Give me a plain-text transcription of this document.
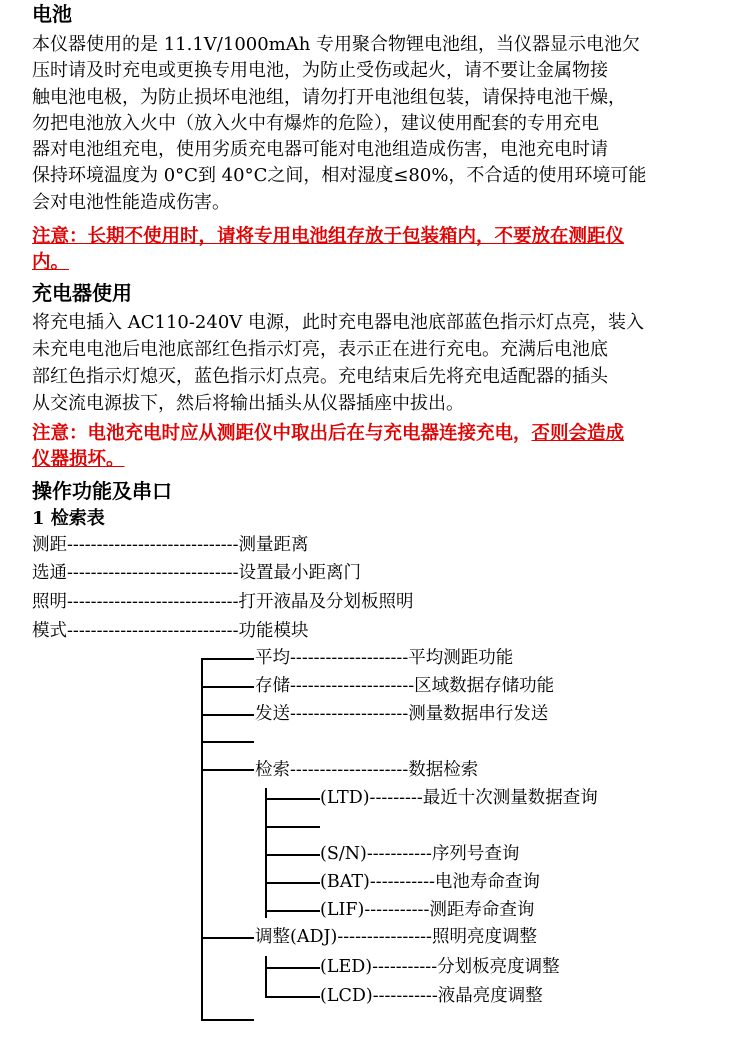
电池
本仪器使用的是 11.1V/1000mAh 专用聚合物锂电池组，当仪器显示电池欠
压时请及时充电或更换专用电池，为防止受伤或起火，请不要让金属物接
触电池电极，为防止损坏电池组，请勿打开电池组包装，请保持电池干燥，
勿把电池放入火中（放入火中有爆炸的危险），建议使用配套的专用充电
器对电池组充电，使用劣质充电器可能对电池组造成伤害，电池充电时请
保持环境温度为 0°C到 40°C之间，相对湿度≤80%，不合适的使用环境可能
会对电池性能造成伤害。
注意：长期不使用时，请将专用电池组存放于包装箱内，不要放在测距仪
内。
充电器使用
将充电插入 AC110-240V 电源，此时充电器电池底部蓝色指示灯点亮，装入
未充电电池后电池底部红色指示灯亮，表示正在进行充电。充满后电池底
部红色指示灯熄灭，蓝色指示灯点亮。充电结束后先将充电适配器的插头
从交流电源拔下，然后将输出插头从仪器插座中拔出。
注意：电池充电时应从测距仪中取出后在与充电器连接充电，否则会造成
仪器损坏。
操作功能及串口
1 检索表
测距-----------------------------测量距离
选通-----------------------------设置最小距离门
照明-----------------------------打开液晶及分划板照明
模式-----------------------------功能模块
平均--------------------平均测距功能
存储---------------------区域数据存储功能
发送--------------------测量数据串行发送
检索--------------------数据检索
(LTD)---------最近十次测量数据查询
(S/N)-----------序列号查询
(BAT)-----------电池寿命查询
(LIF)-----------测距寿命查询
调整(ADJ)----------------照明亮度调整
(LED)-----------分划板亮度调整
(LCD)-----------液晶亮度调整
